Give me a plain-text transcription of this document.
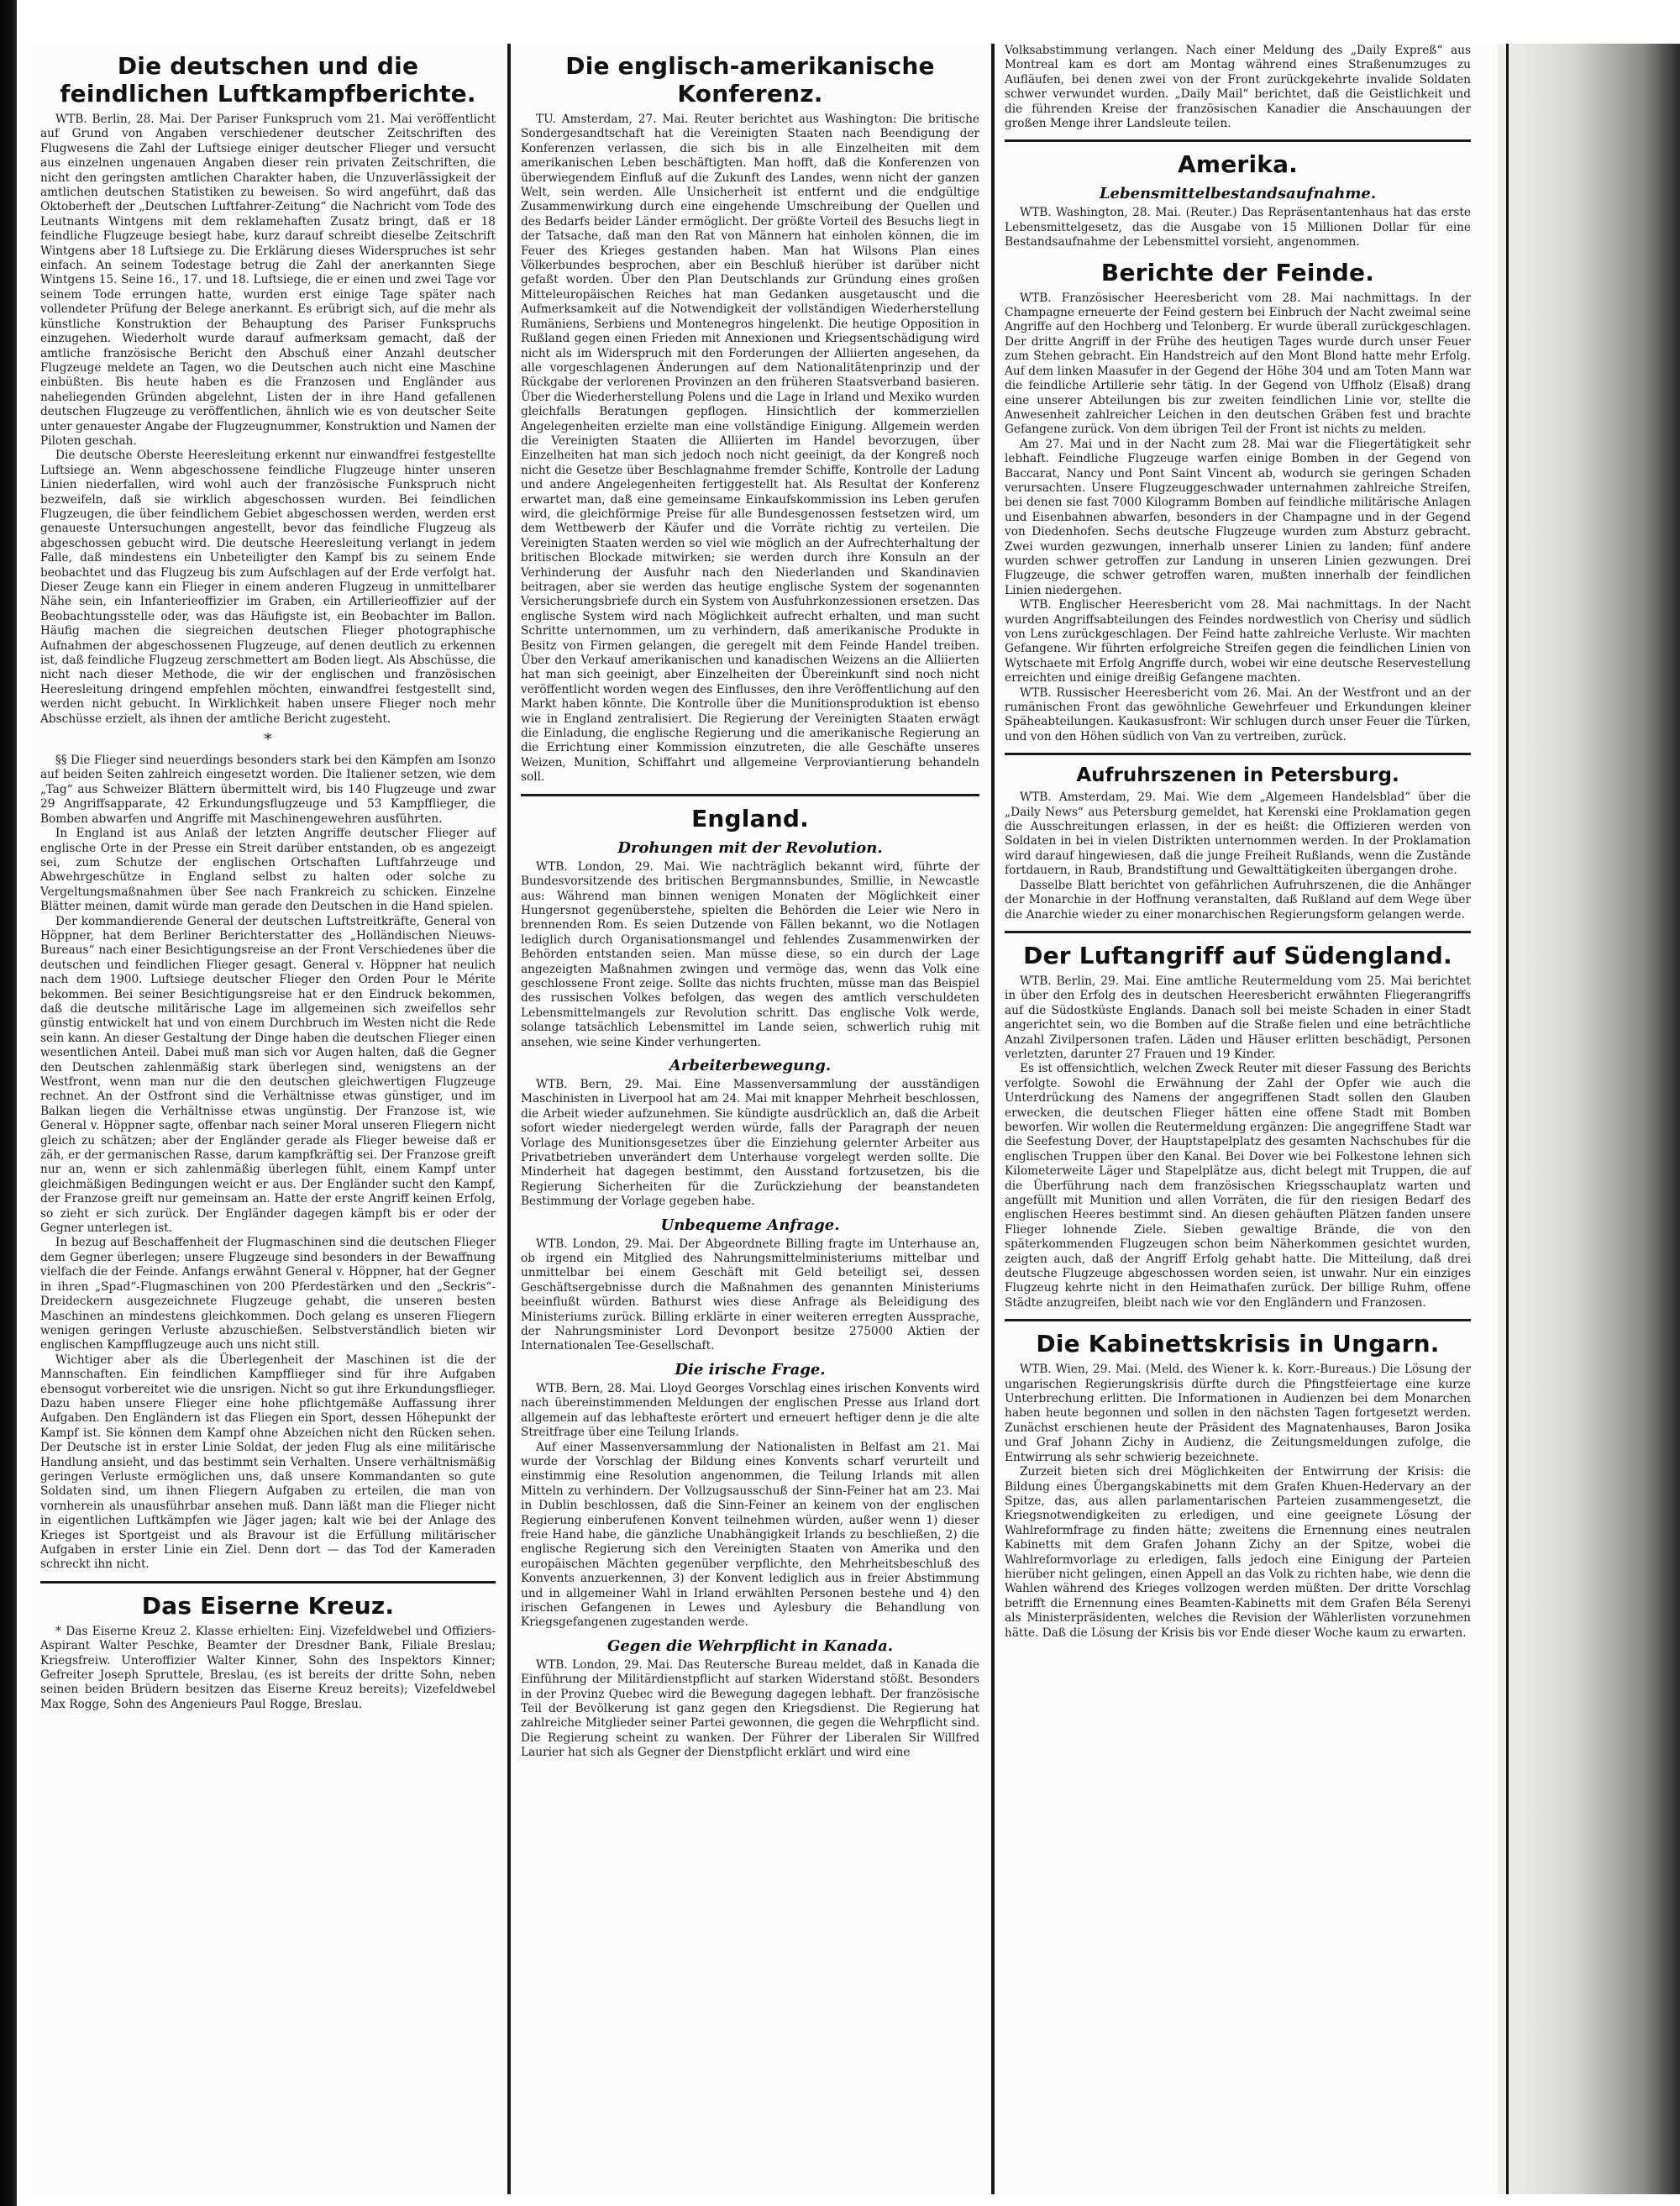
Die deutschen und die feindlichen Luftkampfberichte.

WTB. Berlin, 28. Mai. Der Pariser Funkspruch vom 21. Mai veröffentlicht auf Grund von Angaben verschiedener deutscher Zeitschriften des Flugwesens die Zahl der Luftsiege einiger deutscher Flieger und versucht aus einzelnen ungenauen Angaben dieser rein privaten Zeitschriften, die nicht den geringsten amtlichen Charakter haben, die Unzuverlässigkeit der amtlichen deutschen Statistiken zu beweisen. So wird angeführt, daß das Oktoberheft der „Deutschen Luftfahrer-Zeitung“ die Nachricht vom Tode des Leutnants Wintgens mit dem reklamehaften Zusatz bringt, daß er 18 feindliche Flugzeuge besiegt habe, kurz darauf schreibt dieselbe Zeitschrift Wintgens aber 18 Luftsiege zu. Die Erklärung dieses Widerspruches ist sehr einfach. An seinem Todestage betrug die Zahl der anerkannten Siege Wintgens 15. Seine 16., 17. und 18. Luftsiege, die er einen und zwei Tage vor seinem Tode errungen hatte, wurden erst einige Tage später nach vollendeter Prüfung der Belege anerkannt. Es erübrigt sich, auf die mehr als künstliche Konstruktion der Behauptung des Pariser Funkspruchs einzugehen. Wiederholt wurde darauf aufmerksam gemacht, daß der amtliche französische Bericht den Abschuß einer Anzahl deutscher Flugzeuge meldete an Tagen, wo die Deutschen auch nicht eine Maschine einbüßten. Bis heute haben es die Franzosen und Engländer aus naheliegenden Gründen abgelehnt, Listen der in ihre Hand gefallenen deutschen Flugzeuge zu veröffentlichen, ähnlich wie es von deutscher Seite unter genauester Angabe der Flugzeugnummer, Konstruktion und Namen der Piloten geschah.

Die deutsche Oberste Heeresleitung erkennt nur einwandfrei festgestellte Luftsiege an. Wenn abgeschossene feindliche Flugzeuge hinter unseren Linien niederfallen, wird wohl auch der französische Funkspruch nicht bezweifeln, daß sie wirklich abgeschossen wurden. Bei feindlichen Flugzeugen, die über feindlichem Gebiet abgeschossen werden, werden erst genaueste Untersuchungen angestellt, bevor das feindliche Flugzeug als abgeschossen gebucht wird. Die deutsche Heeresleitung verlangt in jedem Falle, daß mindestens ein Unbeteiligter den Kampf bis zu seinem Ende beobachtet und das Flugzeug bis zum Aufschlagen auf der Erde verfolgt hat. Dieser Zeuge kann ein Flieger in einem anderen Flugzeug in unmittelbarer Nähe sein, ein Infanterieoffizier im Graben, ein Artillerieoffizier auf der Beobachtungsstelle oder, was das Häufigste ist, ein Beobachter im Ballon. Häufig machen die siegreichen deutschen Flieger photographische Aufnahmen der abgeschossenen Flugzeuge, auf denen deutlich zu erkennen ist, daß feindliche Flugzeug zerschmettert am Boden liegt. Als Abschüsse, die nicht nach dieser Methode, die wir der englischen und französischen Heeresleitung dringend empfehlen möchten, einwandfrei festgestellt sind, werden nicht gebucht. In Wirklichkeit haben unsere Flieger noch mehr Abschüsse erzielt, als ihnen der amtliche Bericht zugesteht.

*

§§ Die Flieger sind neuerdings besonders stark bei den Kämpfen am Isonzo auf beiden Seiten zahlreich eingesetzt worden. Die Italiener setzen, wie dem „Tag“ aus Schweizer Blättern übermittelt wird, bis 140 Flugzeuge und zwar 29 Angriffsapparate, 42 Erkundungsflugzeuge und 53 Kampfflieger, die Bomben abwarfen und Angriffe mit Maschinengewehren ausführten.

In England ist aus Anlaß der letzten Angriffe deutscher Flieger auf englische Orte in der Presse ein Streit darüber entstanden, ob es angezeigt sei, zum Schutze der englischen Ortschaften Luftfahrzeuge und Abwehrgeschütze in England selbst zu halten oder solche zu Vergeltungsmaßnahmen über See nach Frankreich zu schicken. Einzelne Blätter meinen, damit würde man gerade den Deutschen in die Hand spielen.

Der kommandierende General der deutschen Luftstreitkräfte, General von Höppner, hat dem Berliner Berichterstatter des „Holländischen Nieuws-Bureaus“ nach einer Besichtigungsreise an der Front Verschiedenes über die deutschen und feindlichen Flieger gesagt. General v. Höppner hat neulich nach dem 1900. Luftsiege deutscher Flieger den Orden Pour le Mérite bekommen. Bei seiner Besichtigungsreise hat er den Eindruck bekommen, daß die deutsche militärische Lage im allgemeinen sich zweifellos sehr günstig entwickelt hat und von einem Durchbruch im Westen nicht die Rede sein kann. An dieser Gestaltung der Dinge haben die deutschen Flieger einen wesentlichen Anteil. Dabei muß man sich vor Augen halten, daß die Gegner den Deutschen zahlenmäßig stark überlegen sind, wenigstens an der Westfront, wenn man nur die den deutschen gleichwertigen Flugzeuge rechnet. An der Ostfront sind die Verhältnisse etwas günstiger, und im Balkan liegen die Verhältnisse etwas ungünstig. Der Franzose ist, wie General v. Höppner sagte, offenbar nach seiner Moral unseren Fliegern nicht gleich zu schätzen; aber der Engländer gerade als Flieger beweise daß er zäh, er der germanischen Rasse, darum kampfkräftig sei. Der Franzose greift nur an, wenn er sich zahlenmäßig überlegen fühlt, einem Kampf unter gleichmäßigen Bedingungen weicht er aus. Der Engländer sucht den Kampf, der Franzose greift nur gemeinsam an. Hatte der erste Angriff keinen Erfolg, so zieht er sich zurück. Der Engländer dagegen kämpft bis er oder der Gegner unterlegen ist.

In bezug auf Beschaffenheit der Flugmaschinen sind die deutschen Flieger dem Gegner überlegen; unsere Flugzeuge sind besonders in der Bewaffnung vielfach die der Feinde. Anfangs erwähnt General v. Höppner, hat der Gegner in ihren „Spad“-Flugmaschinen von 200 Pferdestärken und den „Seckris“-Dreideckern ausgezeichnete Flugzeuge gehabt, die unseren besten Maschinen an mindestens gleichkommen. Doch gelang es unseren Fliegern wenigen geringen Verluste abzuschießen. Selbstverständlich bieten wir englischen Kampfflugzeuge auch uns nicht still.

Wichtiger aber als die Überlegenheit der Maschinen ist die der Mannschaften. Ein feindlichen Kampfflieger sind für ihre Aufgaben ebensogut vorbereitet wie die unsrigen. Nicht so gut ihre Erkundungsflieger. Dazu haben unsere Flieger eine hohe pflichtgemäße Auffassung ihrer Aufgaben. Den Engländern ist das Fliegen ein Sport, dessen Höhepunkt der Kampf ist. Sie können dem Kampf ohne Abzeichen nicht den Rücken sehen. Der Deutsche ist in erster Linie Soldat, der jeden Flug als eine militärische Handlung ansieht, und das bestimmt sein Verhalten. Unsere verhältnismäßig geringen Verluste ermöglichen uns, daß unsere Kommandanten so gute Soldaten sind, um ihnen Fliegern Aufgaben zu erteilen, die man von vornherein als unausführbar ansehen muß. Dann läßt man die Flieger nicht in eigentlichen Luftkämpfen wie Jäger jagen; kalt wie bei der Anlage des Krieges ist Sportgeist und als Bravour ist die Erfüllung militärischer Aufgaben in erster Linie ein Ziel. Denn dort — das Tod der Kameraden schreckt ihn nicht.

Das Eiserne Kreuz.

* Das Eiserne Kreuz 2. Klasse erhielten: Einj. Vizefeldwebel und Offiziers-Aspirant Walter Peschke, Beamter der Dresdner Bank, Filiale Breslau; Kriegsfreiw. Unteroffizier Walter Kinner, Sohn des Inspektors Kinner; Gefreiter Joseph Spruttele, Breslau, (es ist bereits der dritte Sohn, neben seinen beiden Brüdern besitzen das Eiserne Kreuz bereits); Vizefeldwebel Max Rogge, Sohn des Angenieurs Paul Rogge, Breslau.

Die englisch-amerikanische Konferenz.

TU. Amsterdam, 27. Mai. Reuter berichtet aus Washington: Die britische Sondergesandtschaft hat die Vereinigten Staaten nach Beendigung der Konferenzen verlassen, die sich bis in alle Einzelheiten mit dem amerikanischen Leben beschäftigten. Man hofft, daß die Konferenzen von überwiegendem Einfluß auf die Zukunft des Landes, wenn nicht der ganzen Welt, sein werden. Alle Unsicherheit ist entfernt und die endgültige Zusammenwirkung durch eine eingehende Umschreibung der Quellen und des Bedarfs beider Länder ermöglicht. Der größte Vorteil des Besuchs liegt in der Tatsache, daß man den Rat von Männern hat einholen können, die im Feuer des Krieges gestanden haben. Man hat Wilsons Plan eines Völkerbundes besprochen, aber ein Beschluß hierüber ist darüber nicht gefaßt worden. Über den Plan Deutschlands zur Gründung eines großen Mitteleuropäischen Reiches hat man Gedanken ausgetauscht und die Aufmerksamkeit auf die Notwendigkeit der vollständigen Wiederherstellung Rumäniens, Serbiens und Montenegros hingelenkt. Die heutige Opposition in Rußland gegen einen Frieden mit Annexionen und Kriegsentschädigung wird nicht als im Widerspruch mit den Forderungen der Alliierten angesehen, da alle vorgeschlagenen Änderungen auf dem Nationalitätenprinzip und der Rückgabe der verlorenen Provinzen an den früheren Staatsverband basieren. Über die Wiederherstellung Polens und die Lage in Irland und Mexiko wurden gleichfalls Beratungen gepflogen. Hinsichtlich der kommerziellen Angelegenheiten erzielte man eine vollständige Einigung. Allgemein werden die Vereinigten Staaten die Alliierten im Handel bevorzugen, über Einzelheiten hat man sich jedoch noch nicht geeinigt, da der Kongreß noch nicht die Gesetze über Beschlagnahme fremder Schiffe, Kontrolle der Ladung und andere Angelegenheiten fertiggestellt hat. Als Resultat der Konferenz erwartet man, daß eine gemeinsame Einkaufskommission ins Leben gerufen wird, die gleichförmige Preise für alle Bundesgenossen festsetzen wird, um dem Wettbewerb der Käufer und die Vorräte richtig zu verteilen. Die Vereinigten Staaten werden so viel wie möglich an der Aufrechterhaltung der britischen Blockade mitwirken; sie werden durch ihre Konsuln an der Verhinderung der Ausfuhr nach den Niederlanden und Skandinavien beitragen, aber sie werden das heutige englische System der sogenannten Versicherungsbriefe durch ein System von Ausfuhrkonzessionen ersetzen. Das englische System wird nach Möglichkeit aufrecht erhalten, und man sucht Schritte unternommen, um zu verhindern, daß amerikanische Produkte in Besitz von Firmen gelangen, die geregelt mit dem Feinde Handel treiben. Über den Verkauf amerikanischen und kanadischen Weizens an die Alliierten hat man sich geeinigt, aber Einzelheiten der Übereinkunft sind noch nicht veröffentlicht worden wegen des Einflusses, den ihre Veröffentlichung auf den Markt haben könnte. Die Kontrolle über die Munitionsproduktion ist ebenso wie in England zentralisiert. Die Regierung der Vereinigten Staaten erwägt die Einladung, die englische Regierung und die amerikanische Regierung an die Errichtung einer Kommission einzutreten, die alle Geschäfte unseres Weizen, Munition, Schiffahrt und allgemeine Verproviantierung behandeln soll.

England.
Drohungen mit der Revolution.

WTB. London, 29. Mai. Wie nachträglich bekannt wird, führte der Bundesvorsitzende des britischen Bergmannsbundes, Smillie, in Newcastle aus: Während man binnen wenigen Monaten der Möglichkeit einer Hungersnot gegenüberstehe, spielten die Behörden die Leier wie Nero in brennenden Rom. Es seien Dutzende von Fällen bekannt, wo die Notlagen lediglich durch Organisationsmangel und fehlendes Zusammenwirken der Behörden entstanden seien. Man müsse diese, so ein durch der Lage angezeigten Maßnahmen zwingen und vermöge das, wenn das Volk eine geschlossene Front zeige. Sollte das nichts fruchten, müsse man das Beispiel des russischen Volkes befolgen, das wegen des amtlich verschuldeten Lebensmittelmangels zur Revolution schritt. Das englische Volk werde, solange tatsächlich Lebensmittel im Lande seien, schwerlich ruhig mit ansehen, wie seine Kinder verhungerten.

Arbeiterbewegung.

WTB. Bern, 29. Mai. Eine Massenversammlung der ausständigen Maschinisten in Liverpool hat am 24. Mai mit knapper Mehrheit beschlossen, die Arbeit wieder aufzunehmen. Sie kündigte ausdrücklich an, daß die Arbeit sofort wieder niedergelegt werden würde, falls der Paragraph der neuen Vorlage des Munitionsgesetzes über die Einziehung gelernter Arbeiter aus Privatbetrieben unverändert dem Unterhause vorgelegt werden sollte. Die Minderheit hat dagegen bestimmt, den Ausstand fortzusetzen, bis die Regierung Sicherheiten für die Zurückziehung der beanstandeten Bestimmung der Vorlage gegeben habe.

Unbequeme Anfrage.

WTB. London, 29. Mai. Der Abgeordnete Billing fragte im Unterhause an, ob irgend ein Mitglied des Nahrungsmittelministeriums mittelbar und unmittelbar bei einem Geschäft mit Geld beteiligt sei, dessen Geschäftsergebnisse durch die Maßnahmen des genannten Ministeriums beeinflußt würden. Bathurst wies diese Anfrage als Beleidigung des Ministeriums zurück. Billing erklärte in einer weiteren erregten Aussprache, der Nahrungsminister Lord Devonport besitze 275000 Aktien der Internationalen Tee-Gesellschaft.

Die irische Frage.

WTB. Bern, 28. Mai. Lloyd Georges Vorschlag eines irischen Konvents wird nach übereinstimmenden Meldungen der englischen Presse aus Irland dort allgemein auf das lebhafteste erörtert und erneuert heftiger denn je die alte Streitfrage über eine Teilung Irlands.

Auf einer Massenversammlung der Nationalisten in Belfast am 21. Mai wurde der Vorschlag der Bildung eines Konvents scharf verurteilt und einstimmig eine Resolution angenommen, die Teilung Irlands mit allen Mitteln zu verhindern. Der Vollzugsausschuß der Sinn-Feiner hat am 23. Mai in Dublin beschlossen, daß die Sinn-Feiner an keinem von der englischen Regierung einberufenen Konvent teilnehmen würden, außer wenn 1) dieser freie Hand habe, die gänzliche Unabhängigkeit Irlands zu beschließen, 2) die englische Regierung sich den Vereinigten Staaten von Amerika und den europäischen Mächten gegenüber verpflichte, den Mehrheitsbeschluß des Konvents anzuerkennen, 3) der Konvent lediglich aus in freier Abstimmung und in allgemeiner Wahl in Irland erwählten Personen bestehe und 4) den irischen Gefangenen in Lewes und Aylesbury die Behandlung von Kriegsgefangenen zugestanden werde.

Gegen die Wehrpflicht in Kanada.

WTB. London, 29. Mai. Das Reutersche Bureau meldet, daß in Kanada die Einführung der Militärdienstpflicht auf starken Widerstand stößt. Besonders in der Provinz Quebec wird die Bewegung dagegen lebhaft. Der französische Teil der Bevölkerung ist ganz gegen den Kriegsdienst. Die Regierung hat zahlreiche Mitglieder seiner Partei gewonnen, die gegen die Wehrpflicht sind. Die Regierung scheint zu wanken. Der Führer der Liberalen Sir Willfred Laurier hat sich als Gegner der Dienstpflicht erklärt und wird eine

Volksabstimmung verlangen. Nach einer Meldung des „Daily Expreß“ aus Montreal kam es dort am Montag während eines Straßenumzuges zu Aufläufen, bei denen zwei von der Front zurückgekehrte invalide Soldaten schwer verwundet wurden. „Daily Mail“ berichtet, daß die Geistlichkeit und die führenden Kreise der französischen Kanadier die Anschauungen der großen Menge ihrer Landsleute teilen.

Amerika.
Lebensmittelbestandsaufnahme.

WTB. Washington, 28. Mai. (Reuter.) Das Repräsentantenhaus hat das erste Lebensmittelgesetz, das die Ausgabe von 15 Millionen Dollar für eine Bestandsaufnahme der Lebensmittel vorsieht, angenommen.

Berichte der Feinde.

WTB. Französischer Heeresbericht vom 28. Mai nachmittags. In der Champagne erneuerte der Feind gestern bei Einbruch der Nacht zweimal seine Angriffe auf den Hochberg und Telonberg. Er wurde überall zurückgeschlagen. Der dritte Angriff in der Frühe des heutigen Tages wurde durch unser Feuer zum Stehen gebracht. Ein Handstreich auf den Mont Blond hatte mehr Erfolg. Auf dem linken Maasufer in der Gegend der Höhe 304 und am Toten Mann war die feindliche Artillerie sehr tätig. In der Gegend von Uffholz (Elsaß) drang eine unserer Abteilungen bis zur zweiten feindlichen Linie vor, stellte die Anwesenheit zahlreicher Leichen in den deutschen Gräben fest und brachte Gefangene zurück. Von dem übrigen Teil der Front ist nichts zu melden.

Am 27. Mai und in der Nacht zum 28. Mai war die Fliegertätigkeit sehr lebhaft. Feindliche Flugzeuge warfen einige Bomben in der Gegend von Baccarat, Nancy und Pont Saint Vincent ab, wodurch sie geringen Schaden verursachten. Unsere Flugzeuggeschwader unternahmen zahlreiche Streifen, bei denen sie fast 7000 Kilogramm Bomben auf feindliche militärische Anlagen und Eisenbahnen abwarfen, besonders in der Champagne und in der Gegend von Diedenhofen. Sechs deutsche Flugzeuge wurden zum Absturz gebracht. Zwei wurden gezwungen, innerhalb unserer Linien zu landen; fünf andere wurden schwer getroffen zur Landung in unseren Linien gezwungen. Drei Flugzeuge, die schwer getroffen waren, mußten innerhalb der feindlichen Linien niedergehen.

WTB. Englischer Heeresbericht vom 28. Mai nachmittags. In der Nacht wurden Angriffsabteilungen des Feindes nordwestlich von Cherisy und südlich von Lens zurückgeschlagen. Der Feind hatte zahlreiche Verluste. Wir machten Gefangene. Wir führten erfolgreiche Streifen gegen die feindlichen Linien von Wytschaete mit Erfolg Angriffe durch, wobei wir eine deutsche Reservestellung erreichten und einige dreißig Gefangene machten.

WTB. Russischer Heeresbericht vom 26. Mai. An der Westfront und an der rumänischen Front das gewöhnliche Gewehrfeuer und Erkundungen kleiner Späheabteilungen. Kaukasusfront: Wir schlugen durch unser Feuer die Türken, und von den Höhen südlich von Van zu vertreiben, zurück.

Aufruhrszenen in Petersburg.

WTB. Amsterdam, 29. Mai. Wie dem „Algemeen Handelsblad“ über die „Daily News“ aus Petersburg gemeldet, hat Kerenski eine Proklamation gegen die Ausschreitungen erlassen, in der es heißt: die Offizieren werden von Soldaten in bei in vielen Distrikten unternommen werden. In der Proklamation wird darauf hingewiesen, daß die junge Freiheit Rußlands, wenn die Zustände fortdauern, in Raub, Brandstiftung und Gewalttätigkeiten übergangen drohe.

Dasselbe Blatt berichtet von gefährlichen Aufruhrszenen, die die Anhänger der Monarchie in der Hoffnung veranstalten, daß Rußland auf dem Wege über die Anarchie wieder zu einer monarchischen Regierungsform gelangen werde.

Der Luftangriff auf Südengland.

WTB. Berlin, 29. Mai. Eine amtliche Reutermeldung vom 25. Mai berichtet in über den Erfolg des in deutschen Heeresbericht erwähnten Fliegerangriffs auf die Südostküste Englands. Danach soll bei meiste Schaden in einer Stadt angerichtet sein, wo die Bomben auf die Straße fielen und eine beträchtliche Anzahl Zivilpersonen trafen. Läden und Häuser erlitten beschädigt, Personen verletzten, darunter 27 Frauen und 19 Kinder.

Es ist offensichtlich, welchen Zweck Reuter mit dieser Fassung des Berichts verfolgte. Sowohl die Erwähnung der Zahl der Opfer wie auch die Unterdrückung des Namens der angegriffenen Stadt sollen den Glauben erwecken, die deutschen Flieger hätten eine offene Stadt mit Bomben beworfen. Wir wollen die Reutermeldung ergänzen: Die angegriffene Stadt war die Seefestung Dover, der Hauptstapelplatz des gesamten Nachschubes für die englischen Truppen über den Kanal. Bei Dover wie bei Folkestone lehnen sich Kilometerweite Läger und Stapelplätze aus, dicht belegt mit Truppen, die auf die Überführung nach dem französischen Kriegsschauplatz warten und angefüllt mit Munition und allen Vorräten, die für den riesigen Bedarf des englischen Heeres bestimmt sind. An diesen gehäuften Plätzen fanden unsere Flieger lohnende Ziele. Sieben gewaltige Brände, die von den späterkommenden Flugzeugen schon beim Näherkommen gesichtet wurden, zeigten auch, daß der Angriff Erfolg gehabt hatte. Die Mitteilung, daß drei deutsche Flugzeuge abgeschossen worden seien, ist unwahr. Nur ein einziges Flugzeug kehrte nicht in den Heimathafen zurück. Der billige Ruhm, offene Städte anzugreifen, bleibt nach wie vor den Engländern und Franzosen.

Die Kabinettskrisis in Ungarn.

WTB. Wien, 29. Mai. (Meld. des Wiener k. k. Korr.-Bureaus.) Die Lösung der ungarischen Regierungskrisis dürfte durch die Pfingstfeiertage eine kurze Unterbrechung erlitten. Die Informationen in Audienzen bei dem Monarchen haben heute begonnen und sollen in den nächsten Tagen fortgesetzt werden. Zunächst erschienen heute der Präsident des Magnatenhauses, Baron Josika und Graf Johann Zichy in Audienz, die Zeitungsmeldungen zufolge, die Entwirrung als sehr schwierig bezeichnete.

Zurzeit bieten sich drei Möglichkeiten der Entwirrung der Krisis: die Bildung eines Übergangskabinetts mit dem Grafen Khuen-Hedervary an der Spitze, das, aus allen parlamentarischen Parteien zusammengesetzt, die Kriegsnotwendigkeiten zu erledigen, und eine geeignete Lösung der Wahlreformfrage zu finden hätte; zweitens die Ernennung eines neutralen Kabinetts mit dem Grafen Johann Zichy an der Spitze, wobei die Wahlreformvorlage zu erledigen, falls jedoch eine Einigung der Parteien hierüber nicht gelingen, einen Appell an das Volk zu richten habe, wie denn die Wahlen während des Krieges vollzogen werden müßten. Der dritte Vorschlag betrifft die Ernennung eines Beamten-Kabinetts mit dem Grafen Béla Serenyi als Ministerpräsidenten, welches die Revision der Wählerlisten vorzunehmen hätte. Daß die Lösung der Krisis bis vor Ende dieser Woche kaum zu erwarten.
